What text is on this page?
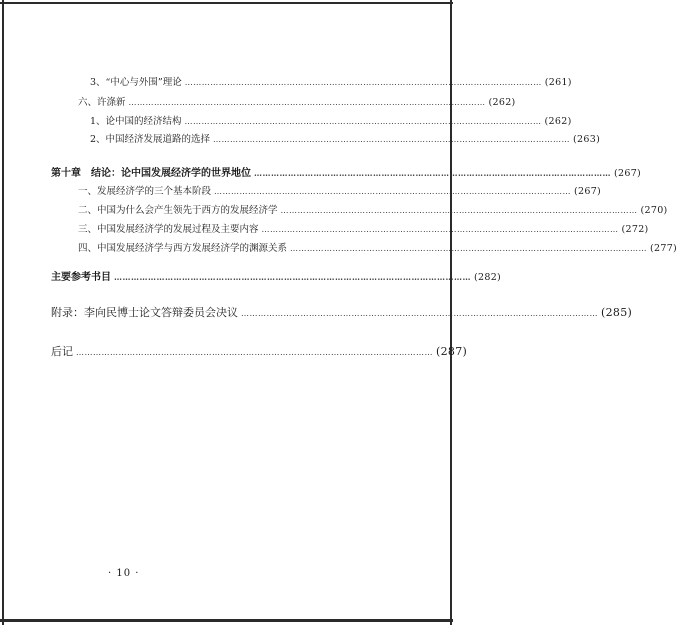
3、“中心与外围”理论 ……………………………………………………………………………………………………………… (261)
六、许涤新 ……………………………………………………………………………………………………………… (262)
1、论中国的经济结构 ……………………………………………………………………………………………………………… (262)
2、中国经济发展道路的选择 ……………………………………………………………………………………………………………… (263)
第十章　结论：论中国发展经济学的世界地位 ……………………………………………………………………………………………………………… (267)
一、发展经济学的三个基本阶段 ……………………………………………………………………………………………………………… (267)
二、中国为什么会产生领先于西方的发展经济学 ……………………………………………………………………………………………………………… (270)
三、中国发展经济学的发展过程及主要内容 ……………………………………………………………………………………………………………… (272)
四、中国发展经济学与西方发展经济学的渊源关系 ……………………………………………………………………………………………………………… (277)
主要参考书目 ……………………………………………………………………………………………………………… (282)
附录：李向民博士论文答辩委员会决议 ……………………………………………………………………………………………………………… (285)
后记 ……………………………………………………………………………………………………………… (287)
· 10 ·
